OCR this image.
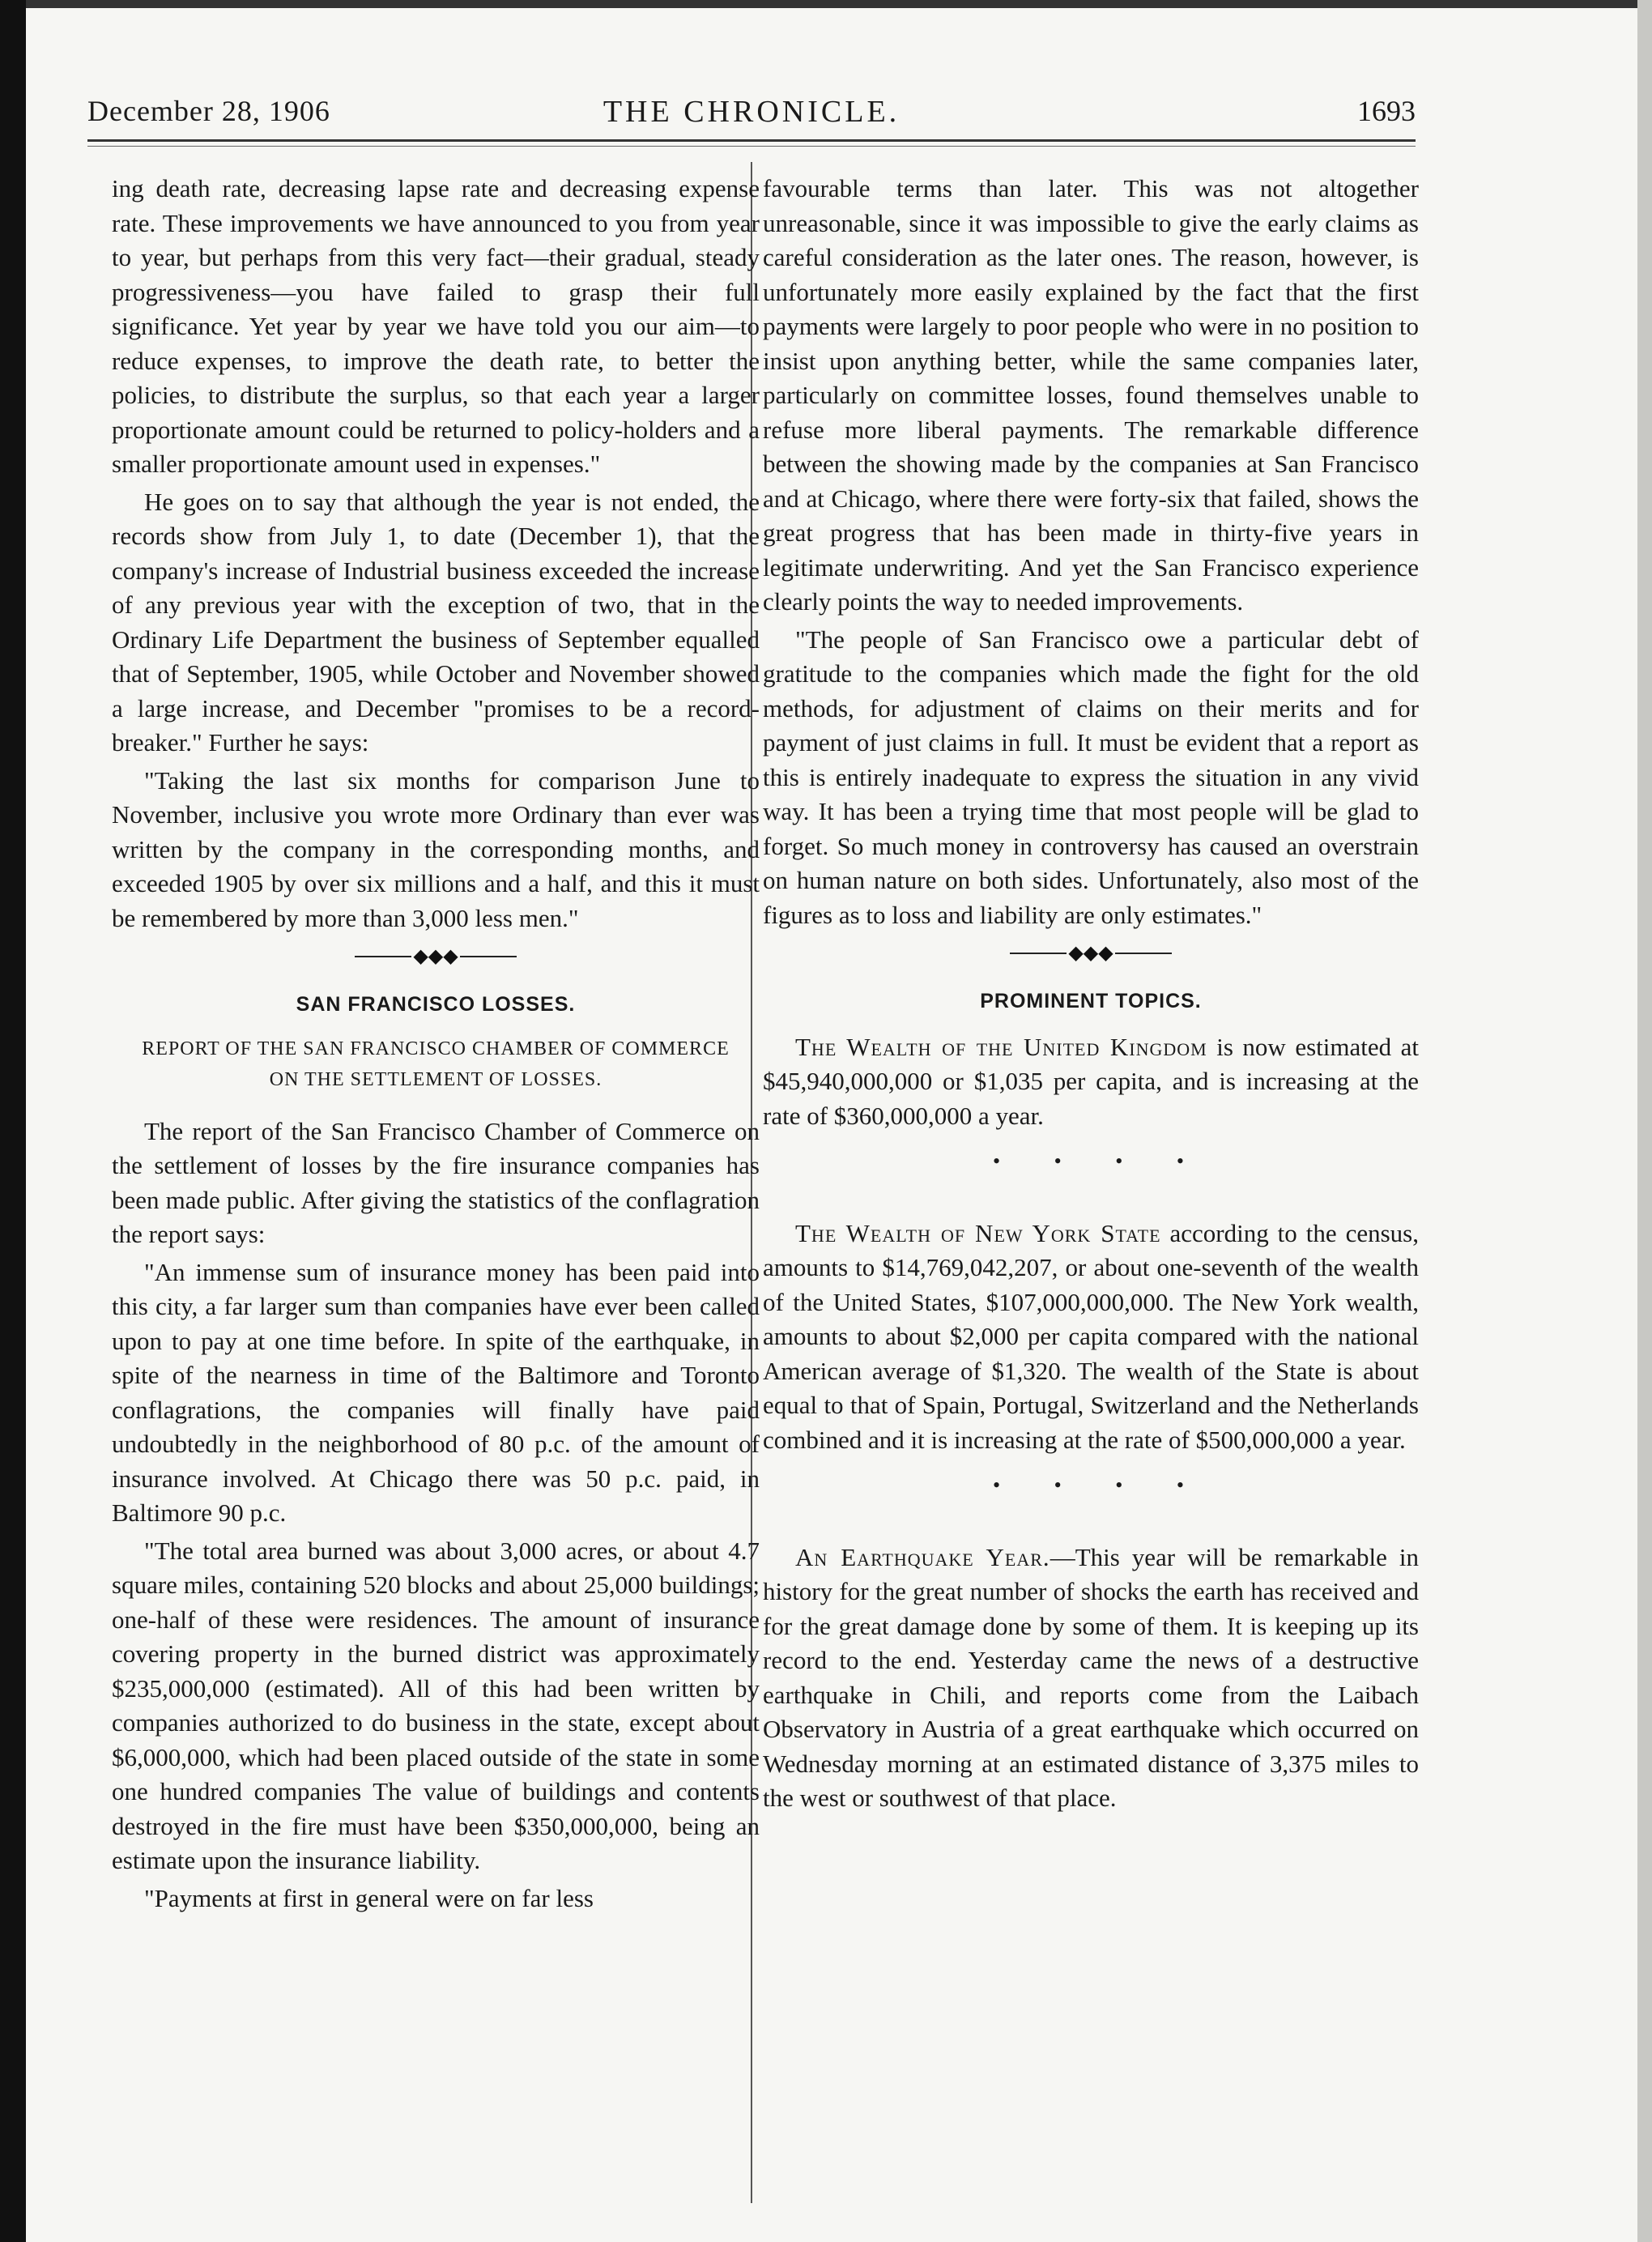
THE CHRONICLE.
December 28, 1906	1693

ing death rate, decreasing lapse rate and decreasing expense rate. These improvements we have announced to you from year to year, but perhaps from this very fact—their gradual, steady progressiveness—you have failed to grasp their full significance. Yet year by year we have told you our aim—to reduce expenses, to improve the death rate, to better the policies, to distribute the surplus, so that each year a larger proportionate amount could be returned to policy-holders and a smaller proportionate amount used in expenses."

He goes on to say that although the year is not ended, the records show from July 1, to date (December 1), that the company's increase of Industrial business exceeded the increase of any previous year with the exception of two, that in the Ordinary Life Department the business of September equalled that of September, 1905, while October and November showed a large increase, and December "promises to be a record-breaker." Further he says:

"Taking the last six months for comparison June to November, inclusive you wrote more Ordinary than ever was written by the company in the corresponding months, and exceeded 1905 by over six millions and a half, and this it must be remembered by more than 3,000 less men."

◆◆◆
SAN FRANCISCO LOSSES.
REPORT OF THE SAN FRANCISCO CHAMBER OF COMMERCE ON THE SETTLEMENT OF LOSSES.

The report of the San Francisco Chamber of Commerce on the settlement of losses by the fire insurance companies has been made public. After giving the statistics of the conflagration the report says:

"An immense sum of insurance money has been paid into this city, a far larger sum than companies have ever been called upon to pay at one time before. In spite of the earthquake, in spite of the nearness in time of the Baltimore and Toronto conflagrations, the companies will finally have paid undoubtedly in the neighborhood of 80 p.c. of the amount of insurance involved. At Chicago there was 50 p.c. paid, in Baltimore 90 p.c.

"The total area burned was about 3,000 acres, or about 4.7 square miles, containing 520 blocks and about 25,000 buildings; one-half of these were residences. The amount of insurance covering property in the burned district was approximately $235,000,000 (estimated). All of this had been written by companies authorized to do business in the state, except about $6,000,000, which had been placed outside of the state in some one hundred companies The value of buildings and contents destroyed in the fire must have been $350,000,000, being an estimate upon the insurance liability.

"Payments at first in general were on far less

favourable terms than later. This was not altogether unreasonable, since it was impossible to give the early claims as careful consideration as the later ones. The reason, however, is unfortunately more easily explained by the fact that the first payments were largely to poor people who were in no position to insist upon anything better, while the same companies later, particularly on committee losses, found themselves unable to refuse more liberal payments. The remarkable difference between the showing made by the companies at San Francisco and at Chicago, where there were forty-six that failed, shows the great progress that has been made in thirty-five years in legitimate underwriting. And yet the San Francisco experience clearly points the way to needed improvements.

"The people of San Francisco owe a particular debt of gratitude to the companies which made the fight for the old methods, for adjustment of claims on their merits and for payment of just claims in full. It must be evident that a report as this is entirely inadequate to express the situation in any vivid way. It has been a trying time that most people will be glad to forget. So much money in controversy has caused an overstrain on human nature on both sides. Unfortunately, also most of the figures as to loss and liability are only estimates."

◆◆◆
PROMINENT TOPICS.

The Wealth of the United Kingdom is now estimated at $45,940,000,000 or $1,035 per capita, and is increasing at the rate of $360,000,000 a year.

• • • •

The Wealth of New York State according to the census, amounts to $14,769,042,207, or about one-seventh of the wealth of the United States, $107,000,000,000. The New York wealth, amounts to about $2,000 per capita compared with the national American average of $1,320. The wealth of the State is about equal to that of Spain, Portugal, Switzerland and the Netherlands combined and it is increasing at the rate of $500,000,000 a year.

• • • •

An Earthquake Year.—This year will be remarkable in history for the great number of shocks the earth has received and for the great damage done by some of them. It is keeping up its record to the end. Yesterday came the news of a destructive earthquake in Chili, and reports come from the Laibach Observatory in Austria of a great earthquake which occurred on Wednesday morning at an estimated distance of 3,375 miles to the west or southwest of that place.
